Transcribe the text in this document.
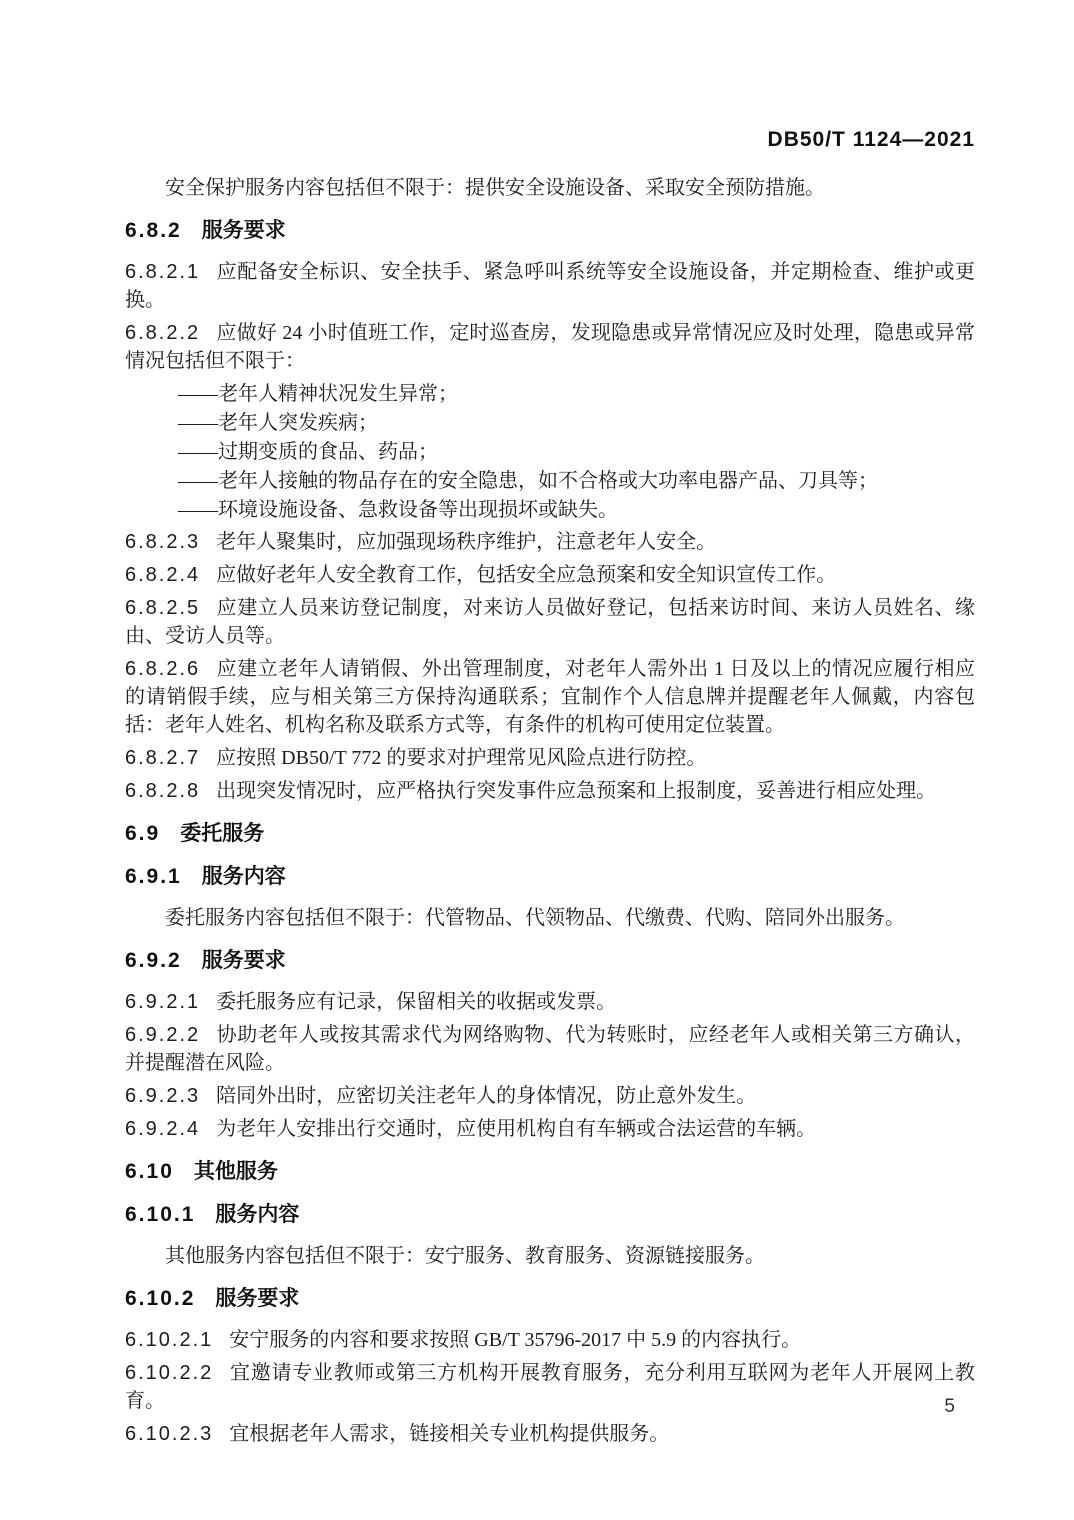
DB50/T 1124—2021

安全保护服务内容包括但不限于：提供安全设施设备、采取安全预防措施。

6.8.2 服务要求

6.8.2.1 应配备安全标识、安全扶手、紧急呼叫系统等安全设施设备，并定期检查、维护或更换。

6.8.2.2 应做好 24 小时值班工作，定时巡查房，发现隐患或异常情况应及时处理，隐患或异常情况包括但不限于：

——老年人精神状况发生异常；

——老年人突发疾病；

——过期变质的食品、药品；

——老年人接触的物品存在的安全隐患，如不合格或大功率电器产品、刀具等；

——环境设施设备、急救设备等出现损坏或缺失。

6.8.2.3 老年人聚集时，应加强现场秩序维护，注意老年人安全。

6.8.2.4 应做好老年人安全教育工作，包括安全应急预案和安全知识宣传工作。

6.8.2.5 应建立人员来访登记制度，对来访人员做好登记，包括来访时间、来访人员姓名、缘由、受访人员等。

6.8.2.6 应建立老年人请销假、外出管理制度，对老年人需外出 1 日及以上的情况应履行相应的请销假手续，应与相关第三方保持沟通联系；宜制作个人信息牌并提醒老年人佩戴，内容包括：老年人姓名、机构名称及联系方式等，有条件的机构可使用定位装置。

6.8.2.7 应按照 DB50/T 772 的要求对护理常见风险点进行防控。

6.8.2.8 出现突发情况时，应严格执行突发事件应急预案和上报制度，妥善进行相应处理。

6.9 委托服务

6.9.1 服务内容

委托服务内容包括但不限于：代管物品、代领物品、代缴费、代购、陪同外出服务。

6.9.2 服务要求

6.9.2.1 委托服务应有记录，保留相关的收据或发票。

6.9.2.2 协助老年人或按其需求代为网络购物、代为转账时，应经老年人或相关第三方确认，并提醒潜在风险。

6.9.2.3 陪同外出时，应密切关注老年人的身体情况，防止意外发生。

6.9.2.4 为老年人安排出行交通时，应使用机构自有车辆或合法运营的车辆。

6.10 其他服务

6.10.1 服务内容

其他服务内容包括但不限于：安宁服务、教育服务、资源链接服务。

6.10.2 服务要求

6.10.2.1 安宁服务的内容和要求按照 GB/T 35796-2017 中 5.9 的内容执行。

6.10.2.2 宜邀请专业教师或第三方机构开展教育服务，充分利用互联网为老年人开展网上教育。

6.10.2.3 宜根据老年人需求，链接相关专业机构提供服务。

5
